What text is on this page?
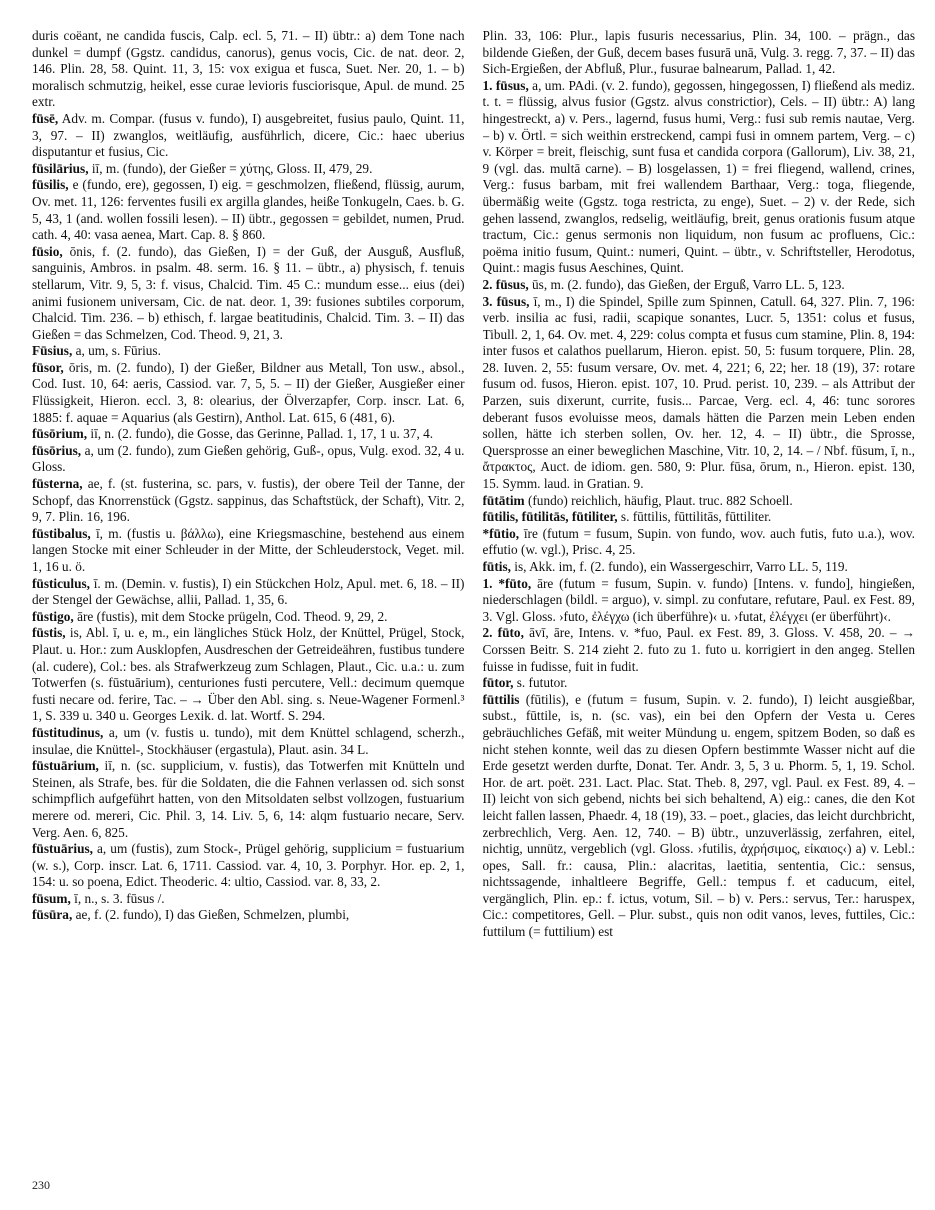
duris coëant, ne candida fuscis, Calp. ecl. 5, 71. – II) übtr.: a) dem Tone nach dunkel = dumpf (Ggstz. candidus, canorus), genus vocis, Cic. de nat. deor. 2, 146. Plin. 28, 58. Quint. 11, 3, 15: vox exigua et fusca, Suet. Ner. 20, 1. – b) moralisch schmutzig, heikel, esse curae levioris fusciorisque, Apul. de mund. 25 extr.

fūsē, Adv. m. Compar. (fusus v. fundo), I) ausgebreitet, fusius paulo, Quint. 11, 3, 97. – II) zwanglos, weitläufig, ausführlich, dicere, Cic.: haec uberius disputantur et fusius, Cic.

fūsilārius, iī, m. (fundo), der Gießer = χύτης, Gloss. II, 479, 29.

fūsilis, e (fundo, ere), gegossen, I) eig. = geschmolzen, fließend, flüssig, aurum, Ov. met. 11, 126: ferventes fusili ex argilla glandes, heiße Tonkugeln, Caes. b. G. 5, 43, 1 (and. wollen fossili lesen). – II) übtr., gegossen = gebildet, numen, Prud. cath. 4, 40: vasa aenea, Mart. Cap. 8. § 860.

fūsio, ōnis, f. (2. fundo), das Gießen, I) = der Guß, der Ausguß, Ausfluß, sanguinis, Ambros. in psalm. 48. serm. 16. § 11. – übtr., a) physisch, f. tenuis stellarum, Vitr. 9, 5, 3: f. visus, Chalcid. Tim. 45 C.: mundum esse... eius (dei) animi fusionem universam, Cic. de nat. deor. 1, 39: fusiones subtiles corporum, Chalcid. Tim. 236. – b) ethisch, f. largae beatitudinis, Chalcid. Tim. 3. – II) das Gießen = das Schmelzen, Cod. Theod. 9, 21, 3.

Fūsius, a, um, s. Fūrius.

fūsor, ōris, m. (2. fundo), I) der Gießer, Bildner aus Metall, Ton usw., absol., Cod. Iust. 10, 64: aeris, Cassiod. var. 7, 5, 5. – II) der Gießer, Ausgießer einer Flüssigkeit, Hieron. eccl. 3, 8: olearius, der Ölverzapfer, Corp. inscr. Lat. 6, 1885: f. aquae = Aquarius (als Gestirn), Anthol. Lat. 615, 6 (481, 6).

fūsōrium, iī, n. (2. fundo), die Gosse, das Gerinne, Pallad. 1, 17, 1 u. 37, 4.

fūsōrius, a, um (2. fundo), zum Gießen gehörig, Guß-, opus, Vulg. exod. 32, 4 u. Gloss.

fūsterna, ae, f. (st. fusterina, sc. pars, v. fustis), der obere Teil der Tanne, der Schopf, das Knorrenstück (Ggstz. sappinus, das Schaftstück, der Schaft), Vitr. 2, 9, 7. Plin. 16, 196.

fūstibalus, ī, m. (fustis u. βάλλω), eine Kriegsmaschine, bestehend aus einem langen Stocke mit einer Schleuder in der Mitte, der Schleuderstock, Veget. mil. 1, 16 u. ö.

fūsticulus, ī. m. (Demin. v. fustis), I) ein Stückchen Holz, Apul. met. 6, 18. – II) der Stengel der Gewächse, allii, Pallad. 1, 35, 6.

fūstigo, āre (fustis), mit dem Stocke prügeln, Cod. Theod. 9, 29, 2.

fūstis, is, Abl. ī, u. e, m., ein längliches Stück Holz, der Knüttel, Prügel, Stock, Plaut. u. Hor.: zum Ausklopfen, Ausdreschen der Getreideähren, fustibus tundere (al. cudere), Col.: bes. als Strafwerkzeug zum Schlagen, Plaut., Cic. u.a.: u. zum Totwerfen (s. fūstuārium), centuriones fusti percutere, Vell.: decimum quemque fusti necare od. ferire, Tac. – → Über den Abl. sing. s. Neue-Wagener Formenl.³ 1, S. 339 u. 340 u. Georges Lexik. d. lat. Wortf. S. 294.

fūstitudinus, a, um (v. fustis u. tundo), mit dem Knüttel schlagend, scherzh., insulae, die Knüttel-, Stockhäuser (ergastula), Plaut. asin. 34 L.

fūstuārium, iī, n. (sc. supplicium, v. fustis), das Totwerfen mit Knütteln und Steinen, als Strafe, bes. für die Soldaten, die die Fahnen verlassen od. sich sonst schimpflich aufgeführt hatten, von den Mitsoldaten selbst vollzogen, fustuarium merere od. mereri, Cic. Phil. 3, 14. Liv. 5, 6, 14: alqm fustuario necare, Serv. Verg. Aen. 6, 825.

fūstuārius, a, um (fustis), zum Stock-, Prügel gehörig, supplicium = fustuarium (w. s.), Corp. inscr. Lat. 6, 1711. Cassiod. var. 4, 10, 3. Porphyr. Hor. ep. 2, 1, 154: u. so poena, Edict. Theoderic. 4: ultio, Cassiod. var. 8, 33, 2.

fūsum, ī, n., s. 3. fūsus /.

fūsūra, ae, f. (2. fundo), I) das Gießen, Schmelzen, plumbi,

Plin. 33, 106: Plur., lapis fusuris necessarius, Plin. 34, 100. – prägn., das bildende Gießen, der Guß, decem bases fusurā unā, Vulg. 3. regg. 7, 37. – II) das Sich-Ergießen, der Abfluß, Plur., fusurae balnearum, Pallad. 1, 42.

1. fūsus, a, um. PAdi. (v. 2. fundo), gegossen, hingegossen, I) fließend als mediz. t. t. = flüssig, alvus fusior (Ggstz. alvus constrictior), Cels. – II) übtr.: A) lang hingestreckt, a) v. Pers., lagernd, fusus humi, Verg.: fusi sub remis nautae, Verg. – b) v. Örtl. = sich weithin erstreckend, campi fusi in omnem partem, Verg. – c) v. Körper = breit, fleischig, sunt fusa et candida corpora (Gallorum), Liv. 38, 21, 9 (vgl. das. multā carne). – B) losgelassen, 1) = frei fliegend, wallend, crines, Verg.: fusus barbam, mit frei wallendem Barthaar, Verg.: toga, fliegende, übermäßig weite (Ggstz. toga restricta, zu enge), Suet. – 2) v. der Rede, sich gehen lassend, zwanglos, redselig, weitläufig, breit, genus orationis fusum atque tractum, Cic.: genus sermonis non liquidum, non fusum ac profluens, Cic.: poëma initio fusum, Quint.: numeri, Quint. – übtr., v. Schriftsteller, Herodotus, Quint.: magis fusus Aeschines, Quint.

2. fūsus, ūs, m. (2. fundo), das Gießen, der Erguß, Varro LL. 5, 123.

3. fūsus, ī, m., I) die Spindel, Spille zum Spinnen, Catull. 64, 327. Plin. 7, 196: verb. insilia ac fusi, radii, scapique sonantes, Lucr. 5, 1351: colus et fusus, Tibull. 2, 1, 64. Ov. met. 4, 229: colus compta et fusus cum stamine, Plin. 8, 194: inter fusos et calathos puellarum, Hieron. epist. 50, 5: fusum torquere, Plin. 28, 28. Iuven. 2, 55: fusum versare, Ov. met. 4, 221; 6, 22; her. 18 (19), 37: rotare fusum od. fusos, Hieron. epist. 107, 10. Prud. perist. 10, 239. – als Attribut der Parzen, suis dixerunt, currite, fusis... Parcae, Verg. ecl. 4, 46: tunc sorores deberant fusos evoluisse meos, damals hätten die Parzen mein Leben enden sollen, hätte ich sterben sollen, Ov. her. 12, 4. – II) übtr., die Sprosse, Quersprosse an einer beweglichen Maschine, Vitr. 10, 2, 14. – / Nbf. fūsum, ī, n., ἄτρακτος, Auct. de idiom. gen. 580, 9: Plur. fūsa, ōrum, n., Hieron. epist. 130, 15. Symm. laud. in Gratian. 9.

fūtātim (fundo) reichlich, häufig, Plaut. truc. 882 Schoell.

fūtilis, fūtilitās, fūtiliter, s. fūttilis, fūttilitās, fūttiliter.

*fūtio, īre (futum = fusum, Supin. von fundo, wov. auch futis, futo u.a.), wov. effutio (w. vgl.), Prisc. 4, 25.

fūtis, is, Akk. im, f. (2. fundo), ein Wassergeschirr, Varro LL. 5, 119.

1. *fūto, āre (futum = fusum, Supin. v. fundo) [Intens. v. fundo], hingießen, niederschlagen (bildl. = arguo), v. simpl. zu confutare, refutare, Paul. ex Fest. 89, 3. Vgl. Gloss. ›futo, ἐλέγχω (ich überführe)‹ u. ›futat, ἐλέγχει (er überführt)‹.

2. fūto, āvī, āre, Intens. v. *fuo, Paul. ex Fest. 89, 3. Gloss. V. 458, 20. – → Corssen Beitr. S. 214 zieht 2. futo zu 1. futo u. korrigiert in den angeg. Stellen fuisse in fudisse, fuit in fudit.

fūtor, s. fututor.

fūttilis (fūtilis), e (futum = fusum, Supin. v. 2. fundo), I) leicht ausgießbar, subst., fūttile, is, n. (sc. vas), ein bei den Opfern der Vesta u. Ceres gebräuchliches Gefäß, mit weiter Mündung u. engem, spitzem Boden, so daß es nicht stehen konnte, weil das zu diesen Opfern bestimmte Wasser nicht auf die Erde gesetzt werden durfte, Donat. Ter. Andr. 3, 5, 3 u. Phorm. 5, 1, 19. Schol. Hor. de art. poët. 231. Lact. Plac. Stat. Theb. 8, 297, vgl. Paul. ex Fest. 89, 4. – II) leicht von sich gebend, nichts bei sich behaltend, A) eig.: canes, die den Kot leicht fallen lassen, Phaedr. 4, 18 (19), 33. – poet., glacies, das leicht durchbricht, zerbrechlich, Verg. Aen. 12, 740. – B) übtr., unzuverlässig, zerfahren, eitel, nichtig, unnütz, vergeblich (vgl. Gloss. ›futilis, ἀχρήσιμος, εἰκαιος‹) a) v. Lebl.: opes, Sall. fr.: causa, Plin.: alacritas, laetitia, sententia, Cic.: sensus, nichtssagende, inhaltleere Begriffe, Gell.: tempus f. et caducum, eitel, vergänglich, Plin. ep.: f. ictus, votum, Sil. – b) v. Pers.: servus, Ter.: haruspex, Cic.: competitores, Gell. – Plur. subst., quis non odit vanos, leves, futtiles, Cic.: futtilum (= futtilium) est

230
